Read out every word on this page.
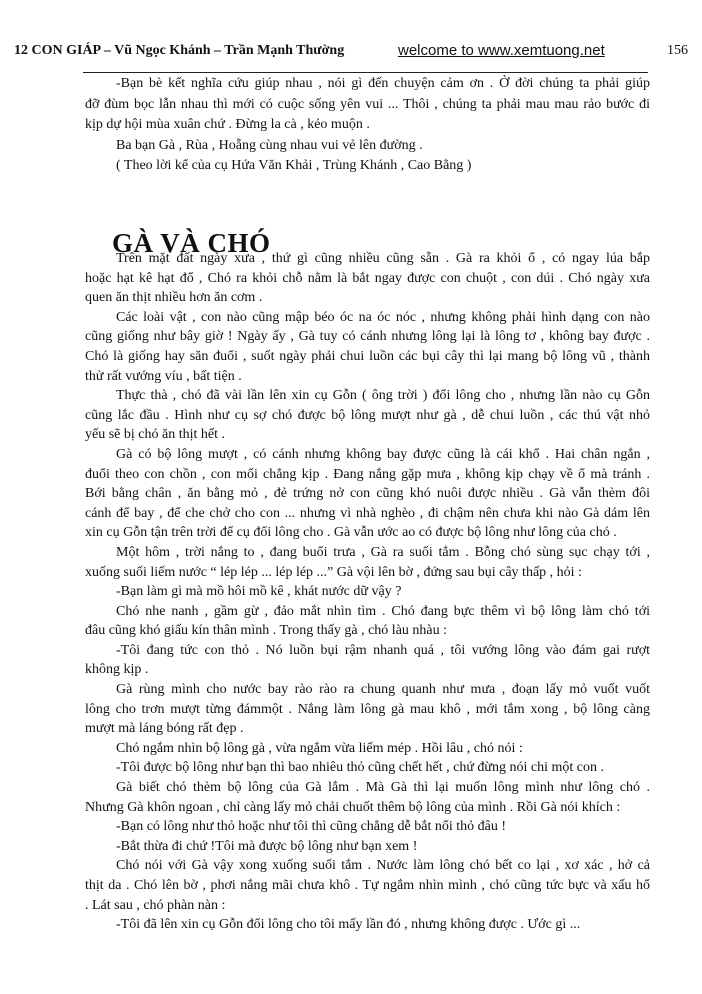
12 CON GIÁP – Vũ Ngọc Khánh – Trần Mạnh Thường	welcome to www.xemtuong.net	156
-Bạn bè kết nghĩa cứu giúp nhau , nói gì đến chuyện cảm ơn . Ở đời chúng ta phải giúp
đỡ đùm bọc lẫn nhau thì mới có cuộc sống yên vui ... Thôi , chúng ta phải mau mau rảo bước đi
kịp dự hội mùa xuân chứ . Đừng la cà , kẻo muộn .
Ba bạn Gà , Rùa , Hoẵng cùng nhau vui vẻ lên đường .
( Theo lời kể của cụ Hứa Văn Khải , Trùng Khánh , Cao Bằng )
GÀ VÀ CHÓ
Trên mặt đất ngày xưa , thứ gì cũng nhiều cũng sẵn . Gà ra khỏi ổ , có ngay lúa bắp
hoặc hạt kê hạt đổ , Chó ra khỏi chỗ nằm là bắt ngay được con chuột , con dúi . Chó ngày xưa
quen ăn thịt nhiều hơn ăn cơm .
Các loài vật , con nào cũng mập béo óc na óc nóc , nhưng không phải hình dạng con nào
cũng giống như bây giờ ! Ngày ấy , Gà tuy có cánh nhưng lông lại là lông tơ , không bay được .
Chó là giống hay săn đuổi , suốt ngày phải chui luồn các bụi cây thì lại mang bộ lông vũ , thành
thử rất vướng víu , bất tiện .
Thực thà , chó đã vài lần lên xin cụ Gỗn ( ông trời ) đổi lông cho , nhưng lần nào cụ Gỗn
cũng lắc đầu . Hình như cụ sợ chó được bộ lông mượt như gà , dễ chui luồn , các thú vật nhỏ
yếu sẽ bị chó ăn thịt hết .
Gà có bộ lông mượt , có cánh nhưng không bay được cũng là cái khổ . Hai chân ngắn ,
đuổi theo con chồn , con mối chẳng kịp . Đang nắng gặp mưa , không kịp chạy về ổ mà tránh .
Bới bằng chân , ăn bằng mỏ , đẻ trứng nở con cũng khó nuôi được nhiều . Gà vẫn thèm đôi
cánh để bay , để che chở cho con ... nhưng vì nhà nghèo , đi chậm nên chưa khi nào Gà dám lên
xin cụ Gỗn tận trên trời để cụ đổi lông cho . Gà vẫn ước ao có được bộ lông như lông của chó .
Một hôm , trời nắng to , đang buổi trưa , Gà ra suối tắm . Bỗng chó sùng sục chạy tới ,
xuống suối liếm nước “ lép lép ... lép lép ...” Gà vội lên bờ , đứng sau bụi cây thấp , hỏi :
-Bạn làm gì mà mồ hôi mồ kê , khát nước dữ vậy ?
Chó nhe nanh , gầm gừ , đảo mắt nhìn tìm . Chó đang bực thêm vì bộ lông làm chó tới
đâu cũng khó giấu kín thân mình . Trong thấy gà , chó làu nhàu :
-Tôi đang tức con thỏ . Nó luồn bụi rậm nhanh quá , tôi vướng lông vào đám gai rượt
không kịp .
Gà rùng mình cho nước bay rào rào ra chung quanh như mưa , đoạn lấy mỏ vuốt vuốt
lông cho trơn mượt từng đámmột . Nắng làm lông gà mau khô , mới tắm xong , bộ lông càng
mượt mà láng bóng rất đẹp .
Chó ngắm nhìn bộ lông gà , vừa ngắm vừa liếm mép . Hồi lâu , chó nói :
-Tôi được bộ lông như bạn thì bao nhiêu thỏ cũng chết hết , chứ đừng nói chi một con .
Gà biết chó thèm bộ lông của Gà lắm . Mà Gà thì lại muốn lông mình như lông chó .
Nhưng Gà khôn ngoan , chỉ càng lấy mỏ chải chuốt thêm bộ lông của mình . Rồi Gà nói khích :
-Bạn có lông như thỏ hoặc như tôi thì cũng chẳng dễ bắt nổi thỏ đâu !
-Bắt thừa đi chứ !Tôi mà được bộ lông như bạn xem !
Chó nói với Gà vậy xong xuống suối tắm . Nước làm lông chó bết co lại , xơ xác , hở cả
thịt da . Chó lên bờ , phơi nắng mãi chưa khô . Tự ngắm nhìn mình , chó cũng tức bực và xấu hổ
. Lát sau , chó phàn nàn :
-Tôi đã lên xin cụ Gỗn đổi lông cho tôi mấy lần đó , nhưng không được . Ước gì ...
